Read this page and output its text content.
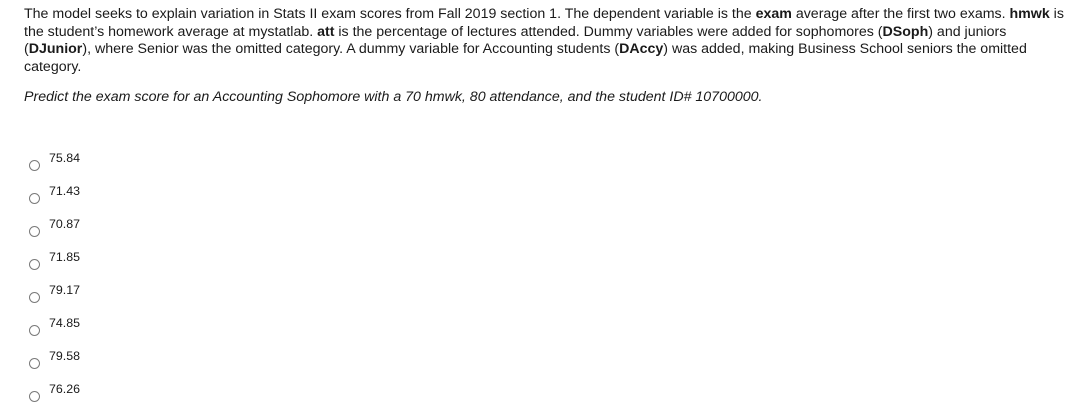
The model seeks to explain variation in Stats II exam scores from Fall 2019 section 1. The dependent variable is the exam average after the first two exams. hmwk is the student’s homework average at mystatlab. att is the percentage of lectures attended. Dummy variables were added for sophomores (DSoph) and juniors (DJunior), where Senior was the omitted category. A dummy variable for Accounting students (DAccy) was added, making Business School seniors the omitted category.

Predict the exam score for an Accounting Sophomore with a 70 hmwk, 80 attendance, and the student ID# 10700000.

75.84
71.43
70.87
71.85
79.17
74.85
79.58
76.26
